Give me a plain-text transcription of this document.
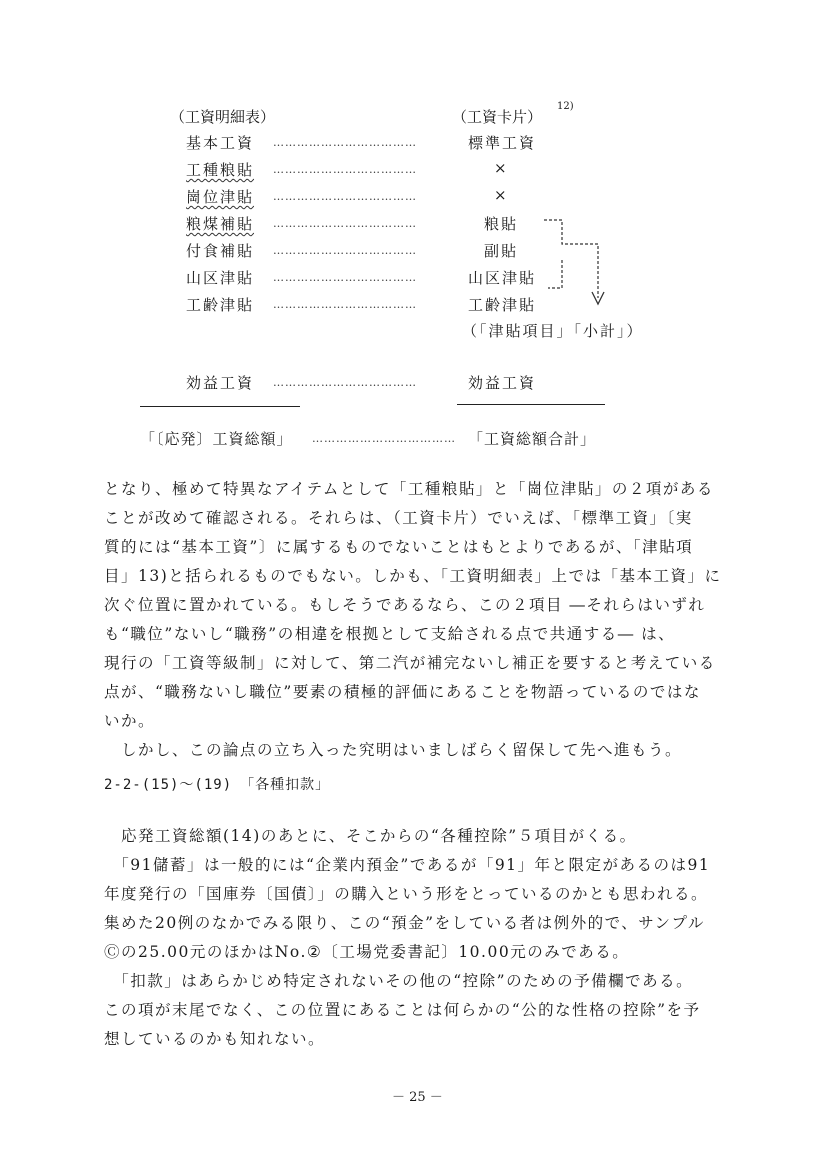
（工資明細表）	（工資卡片）
12)
基本工資 ………………………………	標準工資
工種粮貼 ………………………………	×
崗位津貼 ………………………………	×
粮煤補貼 ………………………………	粮貼
付食補貼 ………………………………	副貼
山区津貼 ………………………………	山区津貼
工齢津貼 ………………………………	工齢津貼
（「津貼項目」「小計」）
効益工資 ………………………………	効益工資
「〔応発〕工資総額」 ……………………………… 「工資総額合計」

となり、極めて特異なアイテムとして「工種粮貼」と「崗位津貼」の２項がある

ことが改めて確認される。それらは、（工資卡片）でいえば、「標準工資」〔実

質的には“基本工資”〕に属するものでないことはもとよりであるが、「津貼項

目」13)と括られるものでもない。しかも、「工資明細表」上では「基本工資」に

次ぐ位置に置かれている。もしそうであるなら、この２項目 ―それらはいずれ

も“職位”ないし“職務”の相違を根拠として支給される点で共通する― は、

現行の「工資等級制」に対して、第二汽が補完ないし補正を要すると考えている

点が、“職務ないし職位”要素の積極的評価にあることを物語っているのではな

いか。

　しかし、この論点の立ち入った究明はいましばらく留保して先へ進もう。

2-2-(15)～(19)　「各種扣款」

　応発工資総額(14)のあとに、そこからの“各種控除”５項目がくる。

　「91儲蓄」は一般的には“企業内預金”であるが「91」年と限定があるのは91

年度発行の「国庫券〔国債〕」の購入という形をとっているのかとも思われる。

集めた20例のなかでみる限り、この“預金”をしている者は例外的で、サンプル

Ⓒの25.00元のほかはNo.②〔工場党委書記〕10.00元のみである。

　「扣款」はあらかじめ特定されないその他の“控除”のための予備欄である。

この項が末尾でなく、この位置にあることは何らかの“公的な性格の控除”を予

想しているのかも知れない。

－ 25 －
